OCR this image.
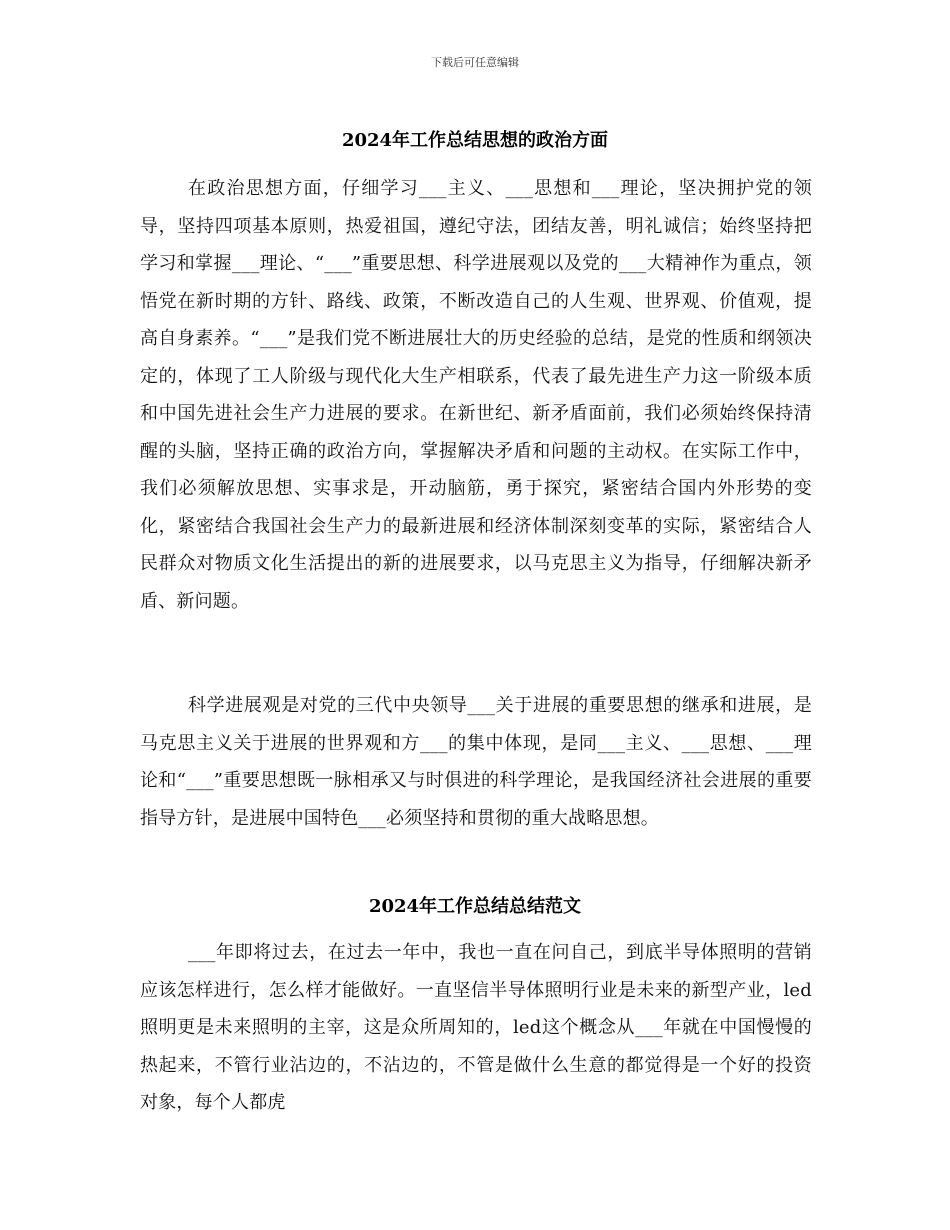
下载后可任意编辑
2024年工作总结思想的政治方面

在政治思想方面，仔细学习___主义、___思想和___理论，坚决拥护党的领导，坚持四项基本原则，热爱祖国，遵纪守法，团结友善，明礼诚信；始终坚持把学习和掌握___理论、“___”重要思想、科学进展观以及党的___大精神作为重点，领悟党在新时期的方针、路线、政策，不断改造自己的人生观、世界观、价值观，提高自身素养。“___”是我们党不断进展壮大的历史经验的总结，是党的性质和纲领决定的，体现了工人阶级与现代化大生产相联系，代表了最先进生产力这一阶级本质和中国先进社会生产力进展的要求。在新世纪、新矛盾面前，我们必须始终保持清醒的头脑，坚持正确的政治方向，掌握解决矛盾和问题的主动权。在实际工作中，我们必须解放思想、实事求是，开动脑筋，勇于探究，紧密结合国内外形势的变化，紧密结合我国社会生产力的最新进展和经济体制深刻变革的实际，紧密结合人民群众对物质文化生活提出的新的进展要求，以马克思主义为指导，仔细解决新矛盾、新问题。

科学进展观是对党的三代中央领导___关于进展的重要思想的继承和进展，是马克思主义关于进展的世界观和方___的集中体现，是同___主义、___思想、___理论和“___”重要思想既一脉相承又与时俱进的科学理论，是我国经济社会进展的重要指导方针，是进展中国特色___必须坚持和贯彻的重大战略思想。

2024年工作总结总结范文

___年即将过去，在过去一年中，我也一直在问自己，到底半导体照明的营销应该怎样进行，怎么样才能做好。一直坚信半导体照明行业是未来的新型产业，led照明更是未来照明的主宰，这是众所周知的，led这个概念从___年就在中国慢慢的热起来，不管行业沾边的，不沾边的，不管是做什么生意的都觉得是一个好的投资对象，每个人都虎
